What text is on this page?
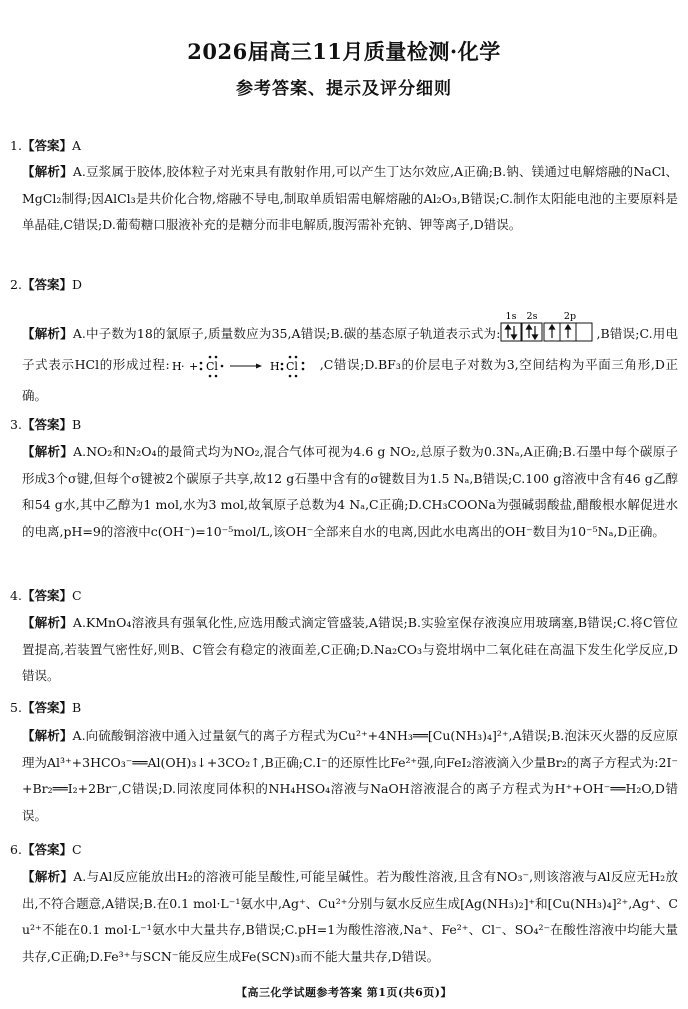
2026届高三11月质量检测·化学
参考答案、提示及评分细则
1.【答案】A
【解析】A.豆浆属于胶体,胶体粒子对光束具有散射作用,可以产生丁达尔效应,A正确;B.钠、镁通过电解熔融的NaCl、MgCl₂制得;因AlCl₃是共价化合物,熔融不导电,制取单质铝需电解熔融的Al₂O₃,B错误;C.制作太阳能电池的主要原料是单晶硅,C错误;D.葡萄糖口服液补充的是糖分而非电解质,腹泻需补充钠、钾等离子,D错误。
2.【答案】D
【解析】A.中子数为18的氯原子,质量数应为35,A错误;B.碳的基态原子轨道表示式为:
1s 2s	2p
,B错误;C.用电子式表示HCl的形成过程: H · + Cl	H Cl ,C错误;D.BF₃的价层电子对数为3,空间结构为平面三角形,D正确。
3.【答案】B
【解析】A.NO₂和N₂O₄的最简式均为NO₂,混合气体可视为4.6 g NO₂,总原子数为0.3Nₐ,A正确;B.石墨中每个碳原子形成3个σ键,但每个σ键被2个碳原子共享,故12 g石墨中含有的σ键数目为1.5 Nₐ,B错误;C.100 g溶液中含有46 g乙醇和54 g水,其中乙醇为1 mol,水为3 mol,故氧原子总数为4 Nₐ,C正确;D.CH₃COONa为强碱弱酸盐,醋酸根水解促进水的电离,pH=9的溶液中c(OH⁻)=10⁻⁵mol/L,该OH⁻全部来自水的电离,因此水电离出的OH⁻数目为10⁻⁵Nₐ,D正确。
4.【答案】C
【解析】A.KMnO₄溶液具有强氧化性,应选用酸式滴定管盛装,A错误;B.实验室保存液溴应用玻璃塞,B错误;C.将C管位置提高,若装置气密性好,则B、C管会有稳定的液面差,C正确;D.Na₂CO₃与瓷坩埚中二氧化硅在高温下发生化学反应,D错误。
5.【答案】B
【解析】A.向硫酸铜溶液中通入过量氨气的离子方程式为Cu²⁺+4NH₃══[Cu(NH₃)₄]²⁺,A错误;B.泡沫灭火器的反应原理为Al³⁺+3HCO₃⁻══Al(OH)₃↓+3CO₂↑,B正确;C.I⁻的还原性比Fe²⁺强,向FeI₂溶液滴入少量Br₂的离子方程式为:2I⁻+Br₂══I₂+2Br⁻,C错误;D.同浓度同体积的NH₄HSO₄溶液与NaOH溶液混合的离子方程式为H⁺+OH⁻══H₂O,D错误。
6.【答案】C
【解析】A.与Al反应能放出H₂的溶液可能呈酸性,可能呈碱性。若为酸性溶液,且含有NO₃⁻,则该溶液与Al反应无H₂放出,不符合题意,A错误;B.在0.1 mol·L⁻¹氨水中,Ag⁺、Cu²⁺分别与氨水反应生成[Ag(NH₃)₂]⁺和[Cu(NH₃)₄]²⁺,Ag⁺、Cu²⁺不能在0.1 mol·L⁻¹氨水中大量共存,B错误;C.pH=1为酸性溶液,Na⁺、Fe²⁺、Cl⁻、SO₄²⁻在酸性溶液中均能大量共存,C正确;D.Fe³⁺与SCN⁻能反应生成Fe(SCN)₃而不能大量共存,D错误。
【高三化学试题参考答案 第1页(共6页)】
